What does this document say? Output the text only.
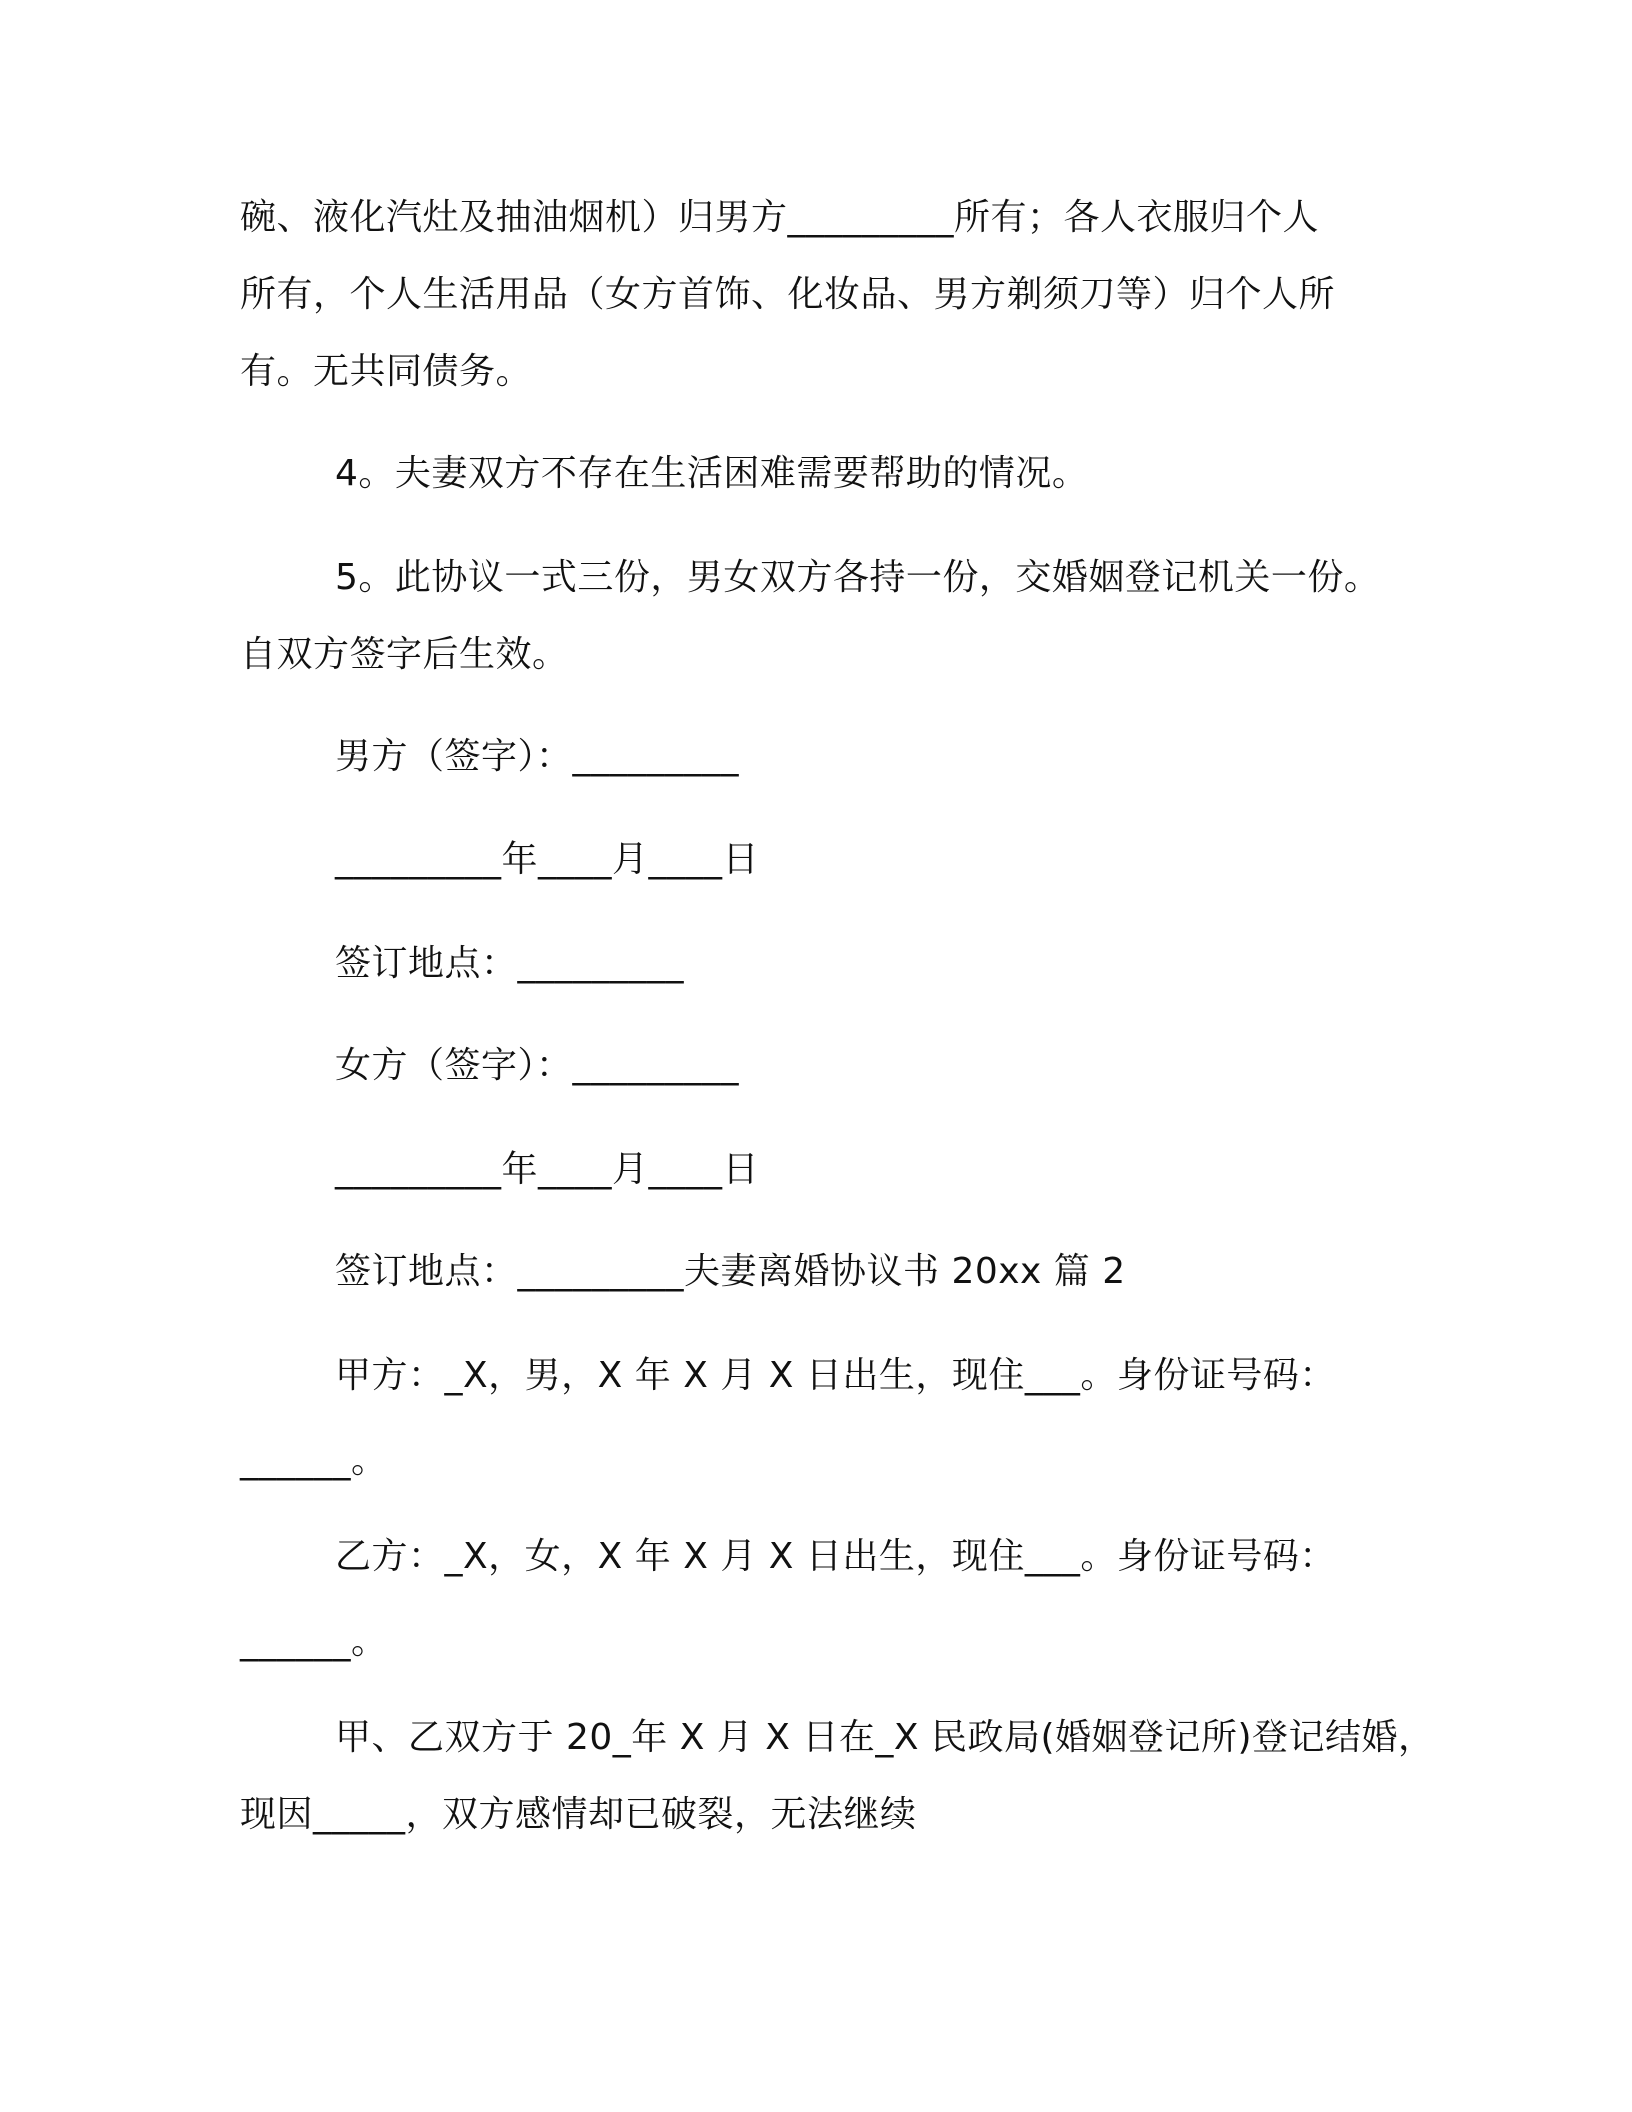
碗、液化汽灶及抽油烟机）归男方_________所有；各人衣服归个人
所有，个人生活用品（女方首饰、化妆品、男方剃须刀等）归个人所
有。无共同债务。
4。夫妻双方不存在生活困难需要帮助的情况。
5。此协议一式三份，男女双方各持一份，交婚姻登记机关一份。
自双方签字后生效。
男方（签字）：_________
_________年____月____日
签订地点：_________
女方（签字）：_________
_________年____月____日
签订地点：_________夫妻离婚协议书 20xx 篇 2
甲方：_X，男，X 年 X 月 X 日出生，现住___。身份证号码：
______。
乙方：_X，女，X 年 X 月 X 日出生，现住___。身份证号码：
______。
甲、乙双方于 20_年 X 月 X 日在_X 民政局(婚姻登记所)登记结婚，
现因_____，双方感情却已破裂，无法继续
